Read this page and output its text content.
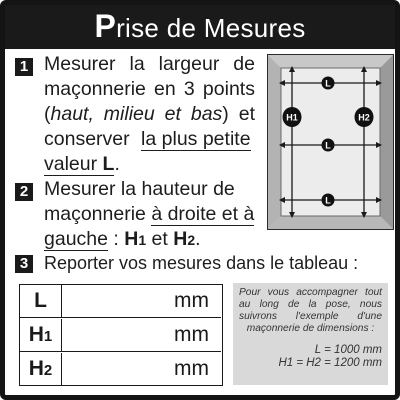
Prise de Mesures
1 Mesurer la largeur de
maçonnerie en 3 points
(haut, milieu et bas) et
conserver la plus petite
valeur L.
2 Mesurer la hauteur de
maçonnerie à droite et à
gauche : H1 et H2.
3 Reporter vos mesures dans le tableau :
L
L
L
H1	H2
L	mm
H1	mm
H2	mm
Pour vous accompagner tout
au long de la pose, nous
suivrons l'exemple d'une
maçonnerie de dimensions :
L = 1000 mm
H1 = H2 = 1200 mm
